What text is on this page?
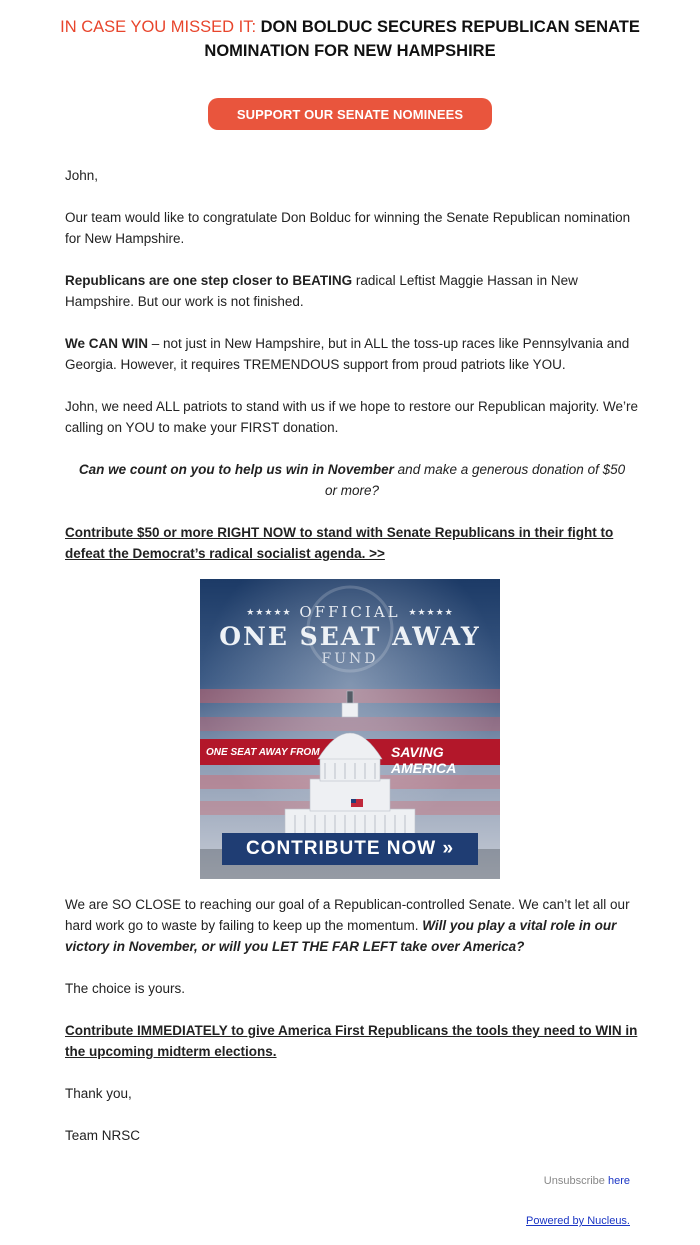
IN CASE YOU MISSED IT: DON BOLDUC SECURES REPUBLICAN SENATE NOMINATION FOR NEW HAMPSHIRE
SUPPORT OUR SENATE NOMINEES

John,

Our team would like to congratulate Don Bolduc for winning the Senate Republican nomination for New Hampshire.

Republicans are one step closer to BEATING radical Leftist Maggie Hassan in New Hampshire. But our work is not finished.

We CAN WIN – not just in New Hampshire, but in ALL the toss-up races like Pennsylvania and Georgia. However, it requires TREMENDOUS support from proud patriots like YOU.

John, we need ALL patriots to stand with us if we hope to restore our Republican majority. We’re calling on YOU to make your FIRST donation.

Can we count on you to help us win in November and make a generous donation of $50 or more?

Contribute $50 or more RIGHT NOW to stand with Senate Republicans in their fight to defeat the Democrat’s radical socialist agenda. >>

★★★★★ OFFICIAL ★★★★★
ONE SEAT AWAY
FUND
ONE SEAT AWAY FROM	SAVING AMERICA
CONTRIBUTE NOW »

We are SO CLOSE to reaching our goal of a Republican-controlled Senate. We can’t let all our hard work go to waste by failing to keep up the momentum. Will you play a vital role in our victory in November, or will you LET THE FAR LEFT take over America?

The choice is yours.

Contribute IMMEDIATELY to give America First Republicans the tools they need to WIN in the upcoming midterm elections.

Thank you,

Team NRSC

Unsubscribe here
Powered by Nucleus.
